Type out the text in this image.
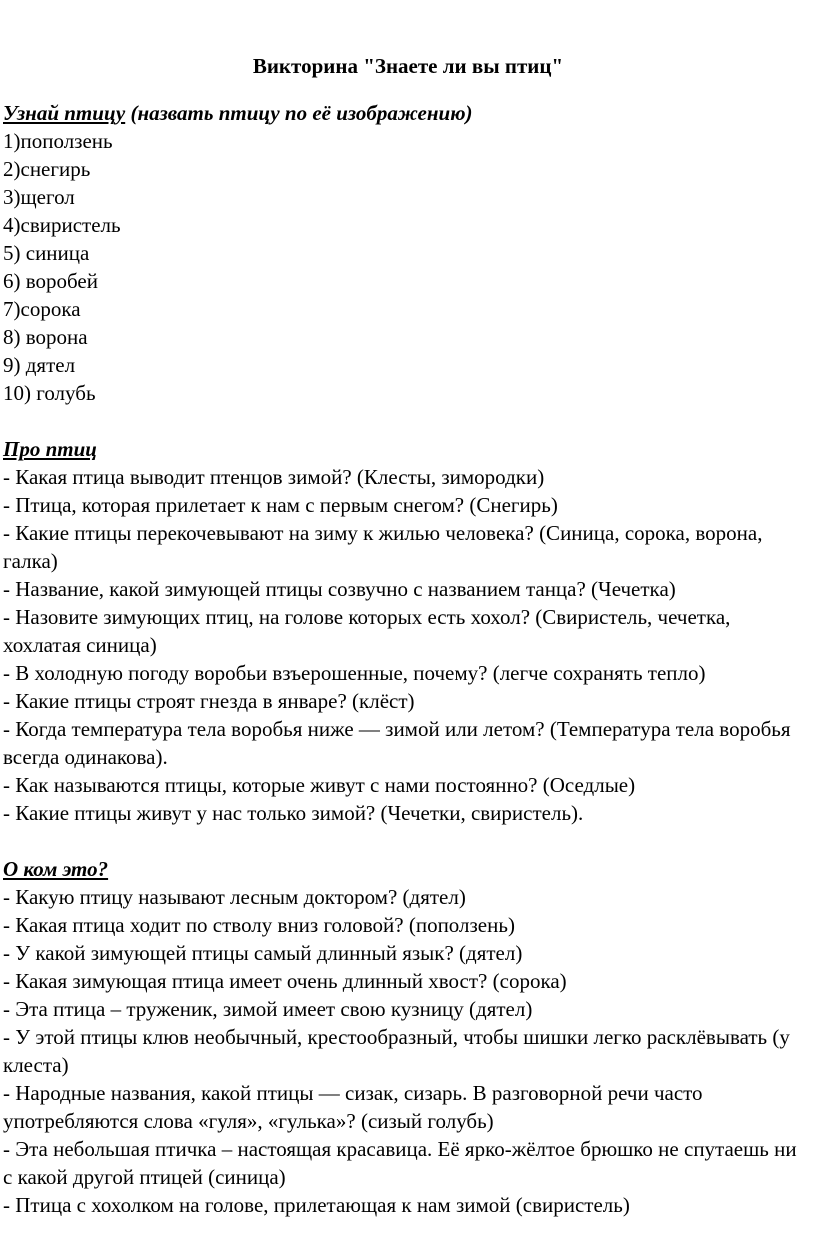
Викторина "Знаете ли вы птиц"

Узнай птицу (назвать птицу по её изображению)

1)поползень

2)снегирь

3)щегол

4)свиристель

5) синица

6) воробей

7)сорока

8) ворона

9) дятел

10) голубь

Про птиц

- Какая птица выводит птенцов зимой? (Клесты, зимородки)

- Птица, которая прилетает к нам с первым снегом? (Снегирь)

- Какие птицы перекочевывают на зиму к жилью человека? (Синица, сорока, ворона, галка)

- Название, какой зимующей птицы созвучно с названием танца? (Чечетка)

- Назовите зимующих птиц, на голове которых есть хохол? (Свиристель, чечетка, хохлатая синица)

- В холодную погоду воробьи взъерошенные, почему? (легче сохранять тепло)

- Какие птицы строят гнезда в январе? (клёст)

- Когда температура тела воробья ниже — зимой или летом? (Температура тела воробья всегда одинакова).

- Как называются птицы, которые живут с нами постоянно? (Оседлые)

- Какие птицы живут у нас только зимой? (Чечетки, свиристель).

О ком это?

- Какую птицу называют лесным доктором? (дятел)

- Какая птица ходит по стволу вниз головой? (поползень)

- У какой зимующей птицы самый длинный язык? (дятел)

- Какая зимующая птица имеет очень длинный хвост? (сорока)

- Эта птица – труженик, зимой имеет свою кузницу (дятел)

- У этой птицы клюв необычный, крестообразный, чтобы шишки легко расклёвывать (у клеста)

- Народные названия, какой птицы — сизак, сизарь. В разговорной речи часто употребляются слова «гуля», «гулька»? (сизый голубь)

- Эта небольшая птичка – настоящая красавица. Её ярко-жёлтое брюшко не спутаешь ни с какой другой птицей (синица)

- Птица с хохолком на голове, прилетающая к нам зимой (свиристель)
